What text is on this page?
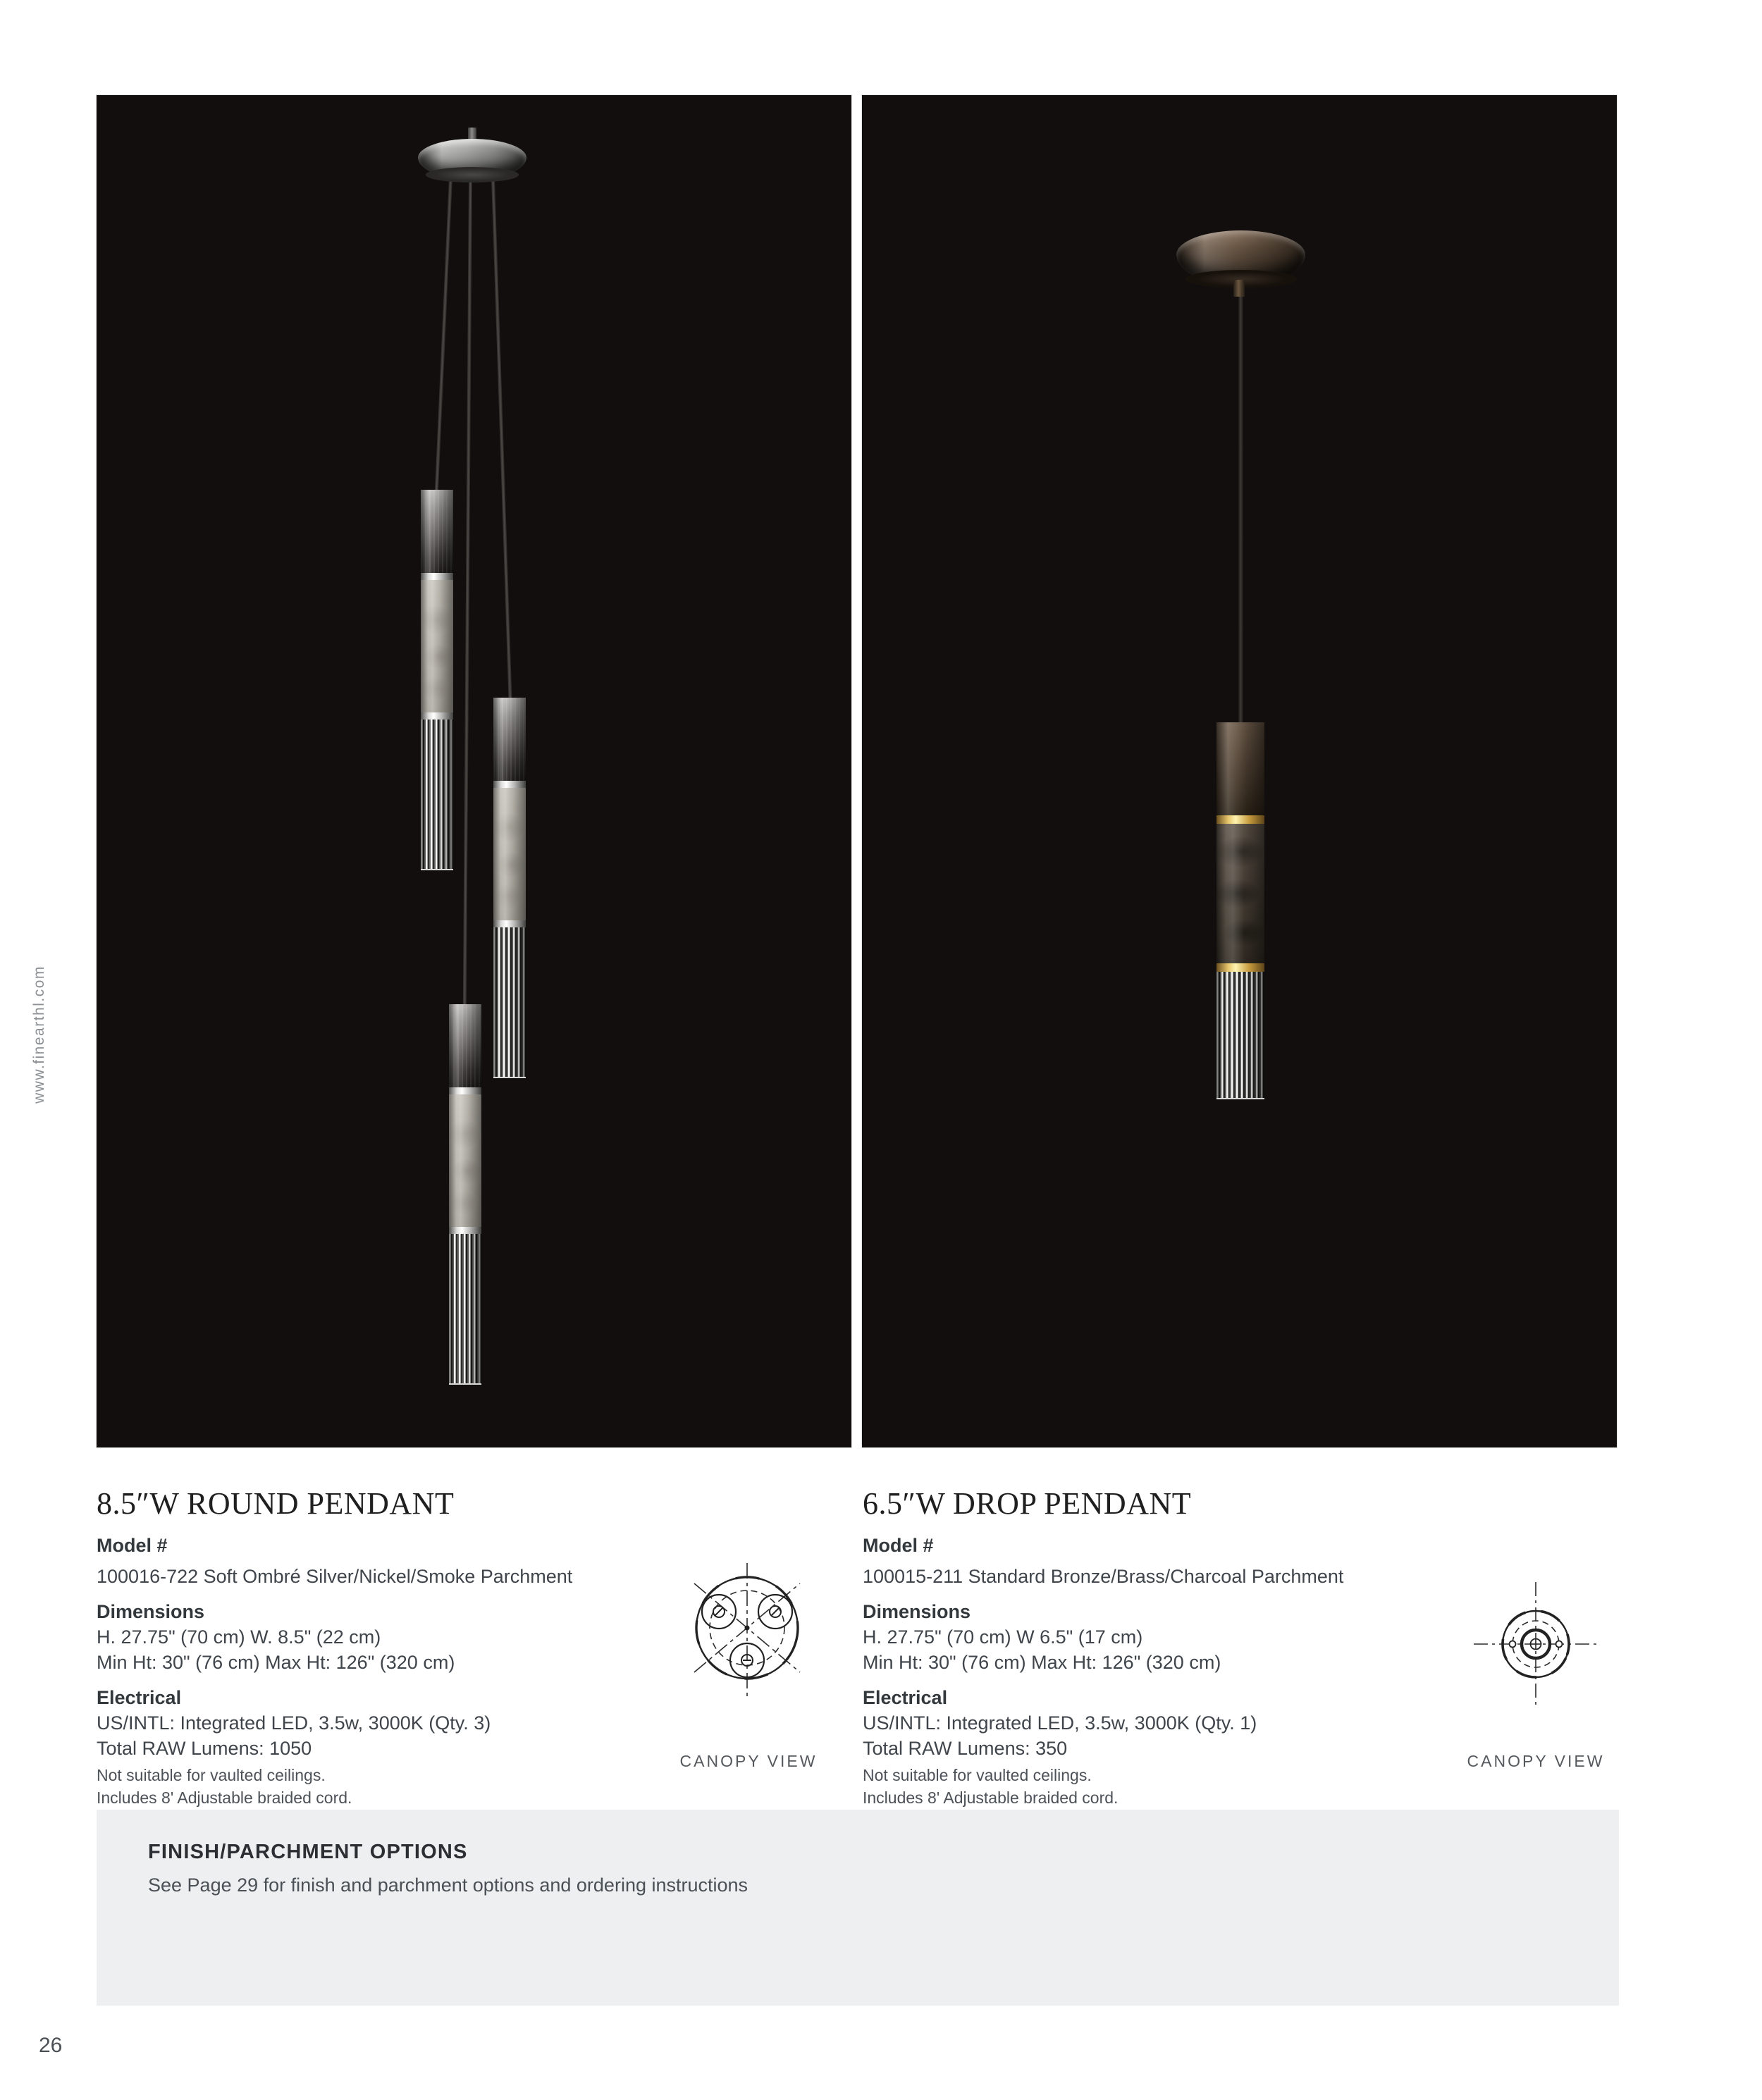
www.finearthl.com
8.5″W ROUND PENDANT
Model #
100016-722 Soft Ombré Silver/Nickel/Smoke Parchment
Dimensions
H. 27.75" (70 cm) W. 8.5" (22 cm)
Min Ht: 30" (76 cm) Max Ht: 126" (320 cm)
Electrical
US/INTL: Integrated LED, 3.5w, 3000K (Qty. 3)
Total RAW Lumens: 1050
Not suitable for vaulted ceilings.
Includes 8' Adjustable braided cord.
CANOPY VIEW
6.5″W DROP PENDANT
Model #
100015-211 Standard Bronze/Brass/Charcoal Parchment
Dimensions
H. 27.75" (70 cm) W 6.5" (17 cm)
Min Ht: 30" (76 cm) Max Ht: 126" (320 cm)
Electrical
US/INTL: Integrated LED, 3.5w, 3000K (Qty. 1)
Total RAW Lumens: 350
Not suitable for vaulted ceilings.
Includes 8' Adjustable braided cord.
CANOPY VIEW
FINISH/PARCHMENT OPTIONS
See Page 29 for finish and parchment options and ordering instructions
26
